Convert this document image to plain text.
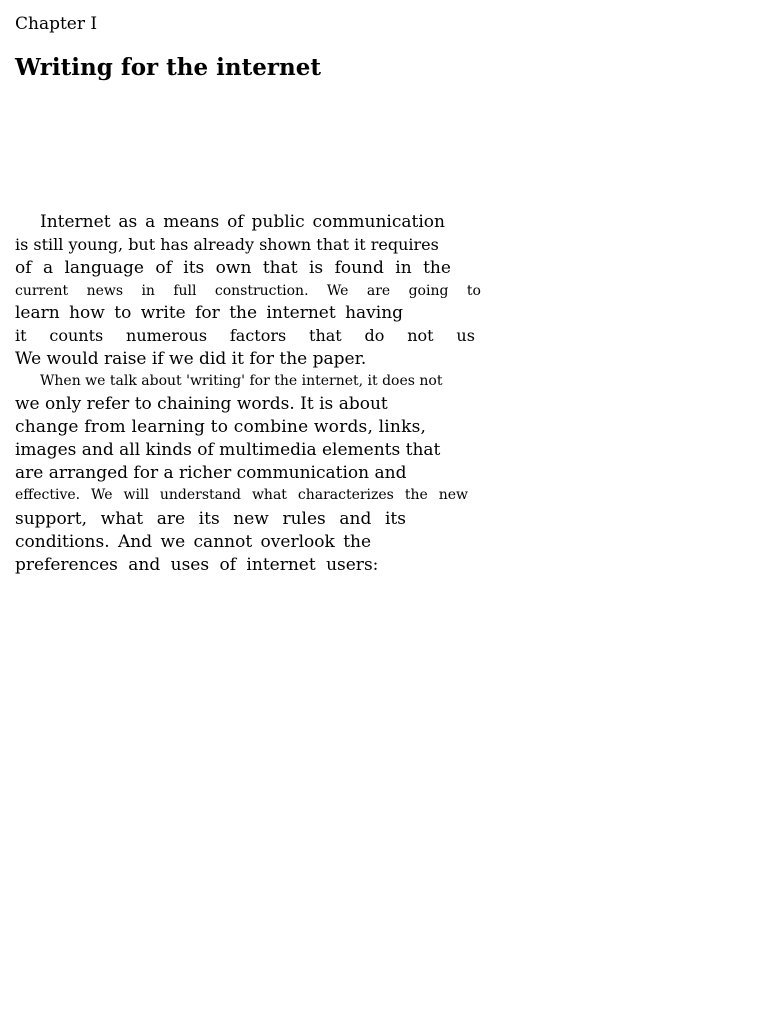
Chapter I
Writing for the internet

Internet as a means of public communication

is still young, but has already shown that it requires

of a language of its own that is found in the

current news in full construction. We are going to

learn how to write for the internet having

it counts numerous factors that do not us

We would raise if we did it for the paper.

When we talk about 'writing' for the internet, it does not

we only refer to chaining words. It is about

change from learning to combine words, links,

images and all kinds of multimedia elements that

are arranged for a richer communication and

effective. We will understand what characterizes the new

support, what are its new rules and its

conditions. And we cannot overlook the

preferences and uses of internet users:
